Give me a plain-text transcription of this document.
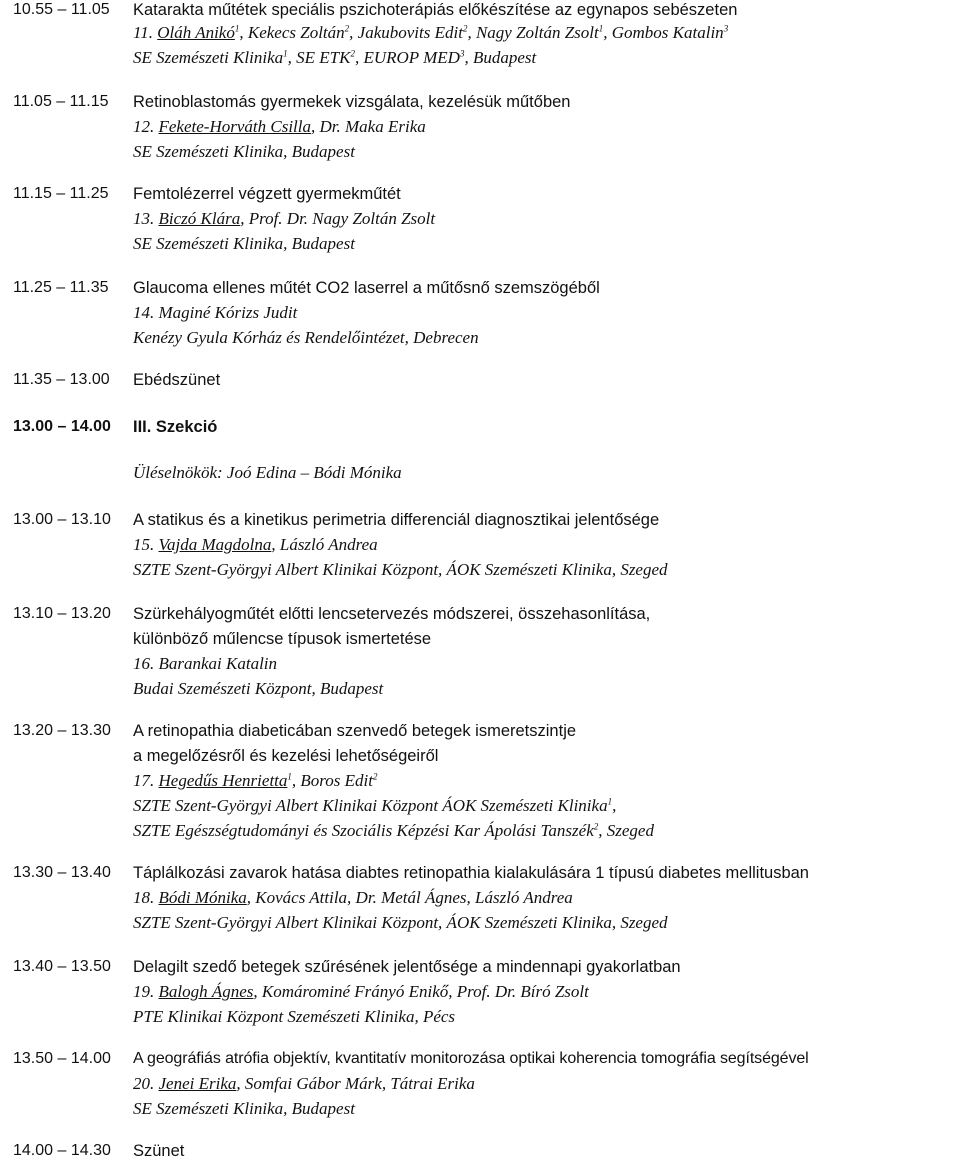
10.55 – 11.05 Katarakta műtétek speciális pszichoterápiás előkészítése az egynapos sebészeten
11. Oláh Anikó$^1$, Kekecs Zoltán$^2$, Jakubovits Edit$^2$, Nagy Zoltán Zsolt$^1$, Gombos Katalin$^3$
SE Szemészeti Klinika$^1$, SE ETK$^2$, EUROP MED$^3$, Budapest
11.05 – 11.15 Retinoblastomás gyermekek vizsgálata, kezelésük műtőben
12. Fekete-Horváth Csilla, Dr. Maka Erika
SE Szemészeti Klinika, Budapest
11.15 – 11.25 Femtolézerrel végzett gyermekműtét
13. Biczó Klára, Prof. Dr. Nagy Zoltán Zsolt
SE Szemészeti Klinika, Budapest
11.25 – 11.35 Glaucoma ellenes műtét CO2 laserrel a műtősnő szemszögéből
14. Maginé Kórizs Judit
Kenézy Gyula Kórház és Rendelőintézet, Debrecen
11.35 – 13.00 Ebédszünet
13.00 – 14.00 III. Szekció
Üléselnökök: Joó Edina – Bódi Mónika
13.00 – 13.10 A statikus és a kinetikus perimetria differenciál diagnosztikai jelentősége
15. Vajda Magdolna, László Andrea
SZTE Szent-Györgyi Albert Klinikai Központ, ÁOK Szemészeti Klinika, Szeged
13.10 – 13.20 Szürkehályogműtét előtti lencsetervezés módszerei, összehasonlítása,
különböző műlencse típusok ismertetése
16. Barankai Katalin
Budai Szemészeti Központ, Budapest
13.20 – 13.30 A retinopathia diabeticában szenvedő betegek ismeretszintje
a megelőzésről és kezelési lehetőségeiről
17. Hegedűs Henrietta$^1$, Boros Edit$^2$
SZTE Szent-Györgyi Albert Klinikai Központ ÁOK Szemészeti Klinika$^1$,
SZTE Egészségtudományi és Szociális Képzési Kar Ápolási Tanszék$^2$, Szeged
13.30 – 13.40 Táplálkozási zavarok hatása diabtes retinopathia kialakulására 1 típusú diabetes mellitusban
18. Bódi Mónika, Kovács Attila, Dr. Metál Ágnes, László Andrea
SZTE Szent-Györgyi Albert Klinikai Központ, ÁOK Szemészeti Klinika, Szeged
13.40 – 13.50 Delagilt szedő betegek szűrésének jelentősége a mindennapi gyakorlatban
19. Balogh Ágnes, Komárominé Frányó Enikő, Prof. Dr. Bíró Zsolt
PTE Klinikai Központ Szemészeti Klinika, Pécs
13.50 – 14.00 A geográfiás atrófia objektív, kvantitatív monitorozása optikai koherencia tomográfia segítségével
20. Jenei Erika, Somfai Gábor Márk, Tátrai Erika
SE Szemészeti Klinika, Budapest
14.00 – 14.30 Szünet
